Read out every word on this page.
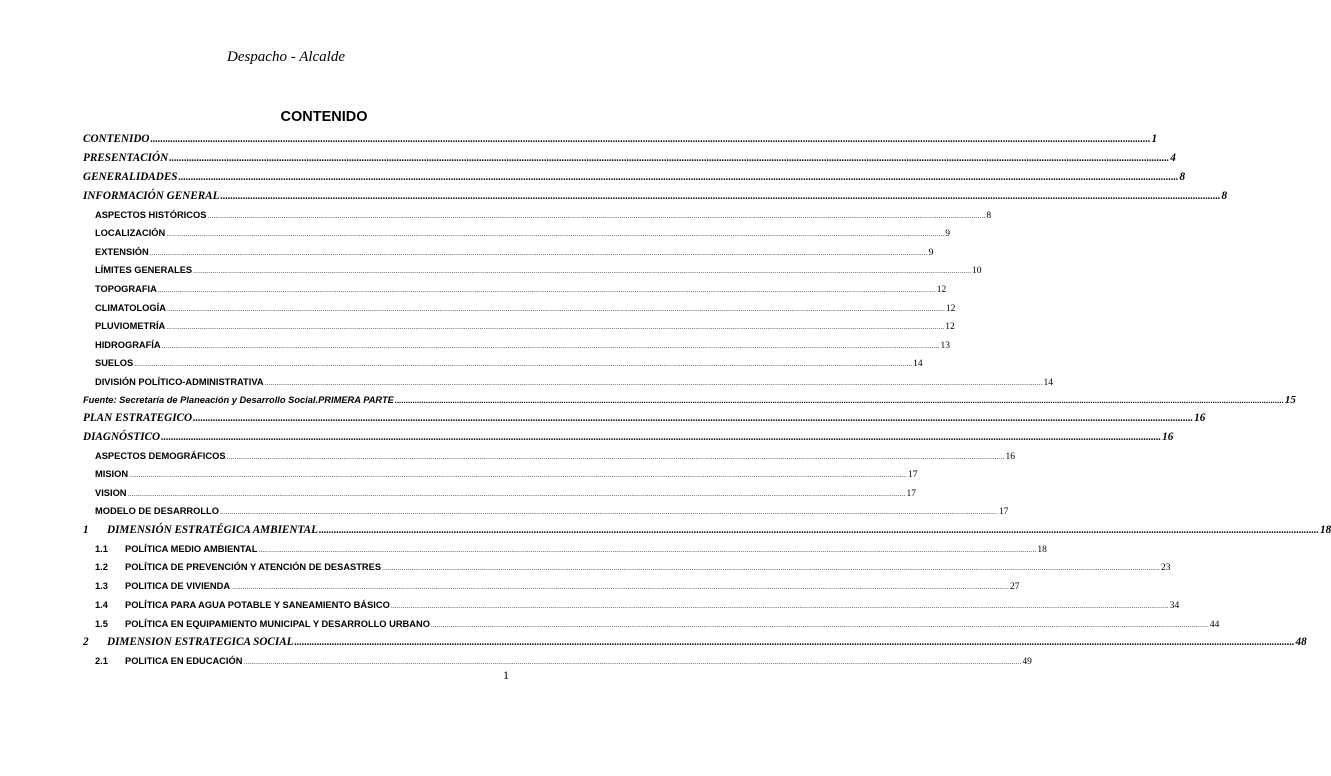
Despacho - Alcalde
CONTENIDO
CONTENIDO ................................................................................................................................................................................................................................................................................................................................................................................................................ 1
PRESENTACIÓN ................................................................................................................................................................................................................................................................................................................................................................................................................ 4
GENERALIDADES ................................................................................................................................................................................................................................................................................................................................................................................................................ 8
INFORMACIÓN GENERAL ................................................................................................................................................................................................................................................................................................................................................................................................................ 8
ASPECTOS HISTÓRICOS ................................................................................................................................................................................................................................................................................................................................................................................................................ 8
LOCALIZACIÓN ................................................................................................................................................................................................................................................................................................................................................................................................................ 9
EXTENSIÓN ................................................................................................................................................................................................................................................................................................................................................................................................................ 9
LÍMITES GENERALES ................................................................................................................................................................................................................................................................................................................................................................................................................ 10
TOPOGRAFIA ................................................................................................................................................................................................................................................................................................................................................................................................................ 12
CLIMATOLOGÍA ................................................................................................................................................................................................................................................................................................................................................................................................................ 12
PLUVIOMETRÍA ................................................................................................................................................................................................................................................................................................................................................................................................................ 12
HIDROGRAFÍA ................................................................................................................................................................................................................................................................................................................................................................................................................ 13
SUELOS ................................................................................................................................................................................................................................................................................................................................................................................................................ 14
DIVISIÓN POLÍTICO-ADMINISTRATIVA ................................................................................................................................................................................................................................................................................................................................................................................................................ 14
Fuente: Secretaría de Planeación y Desarrollo Social.PRIMERA PARTE ................................................................................................................................................................................................................................................................................................................................................................................................................ 15
PLAN ESTRATEGICO ................................................................................................................................................................................................................................................................................................................................................................................................................ 16
DIAGNÓSTICO ................................................................................................................................................................................................................................................................................................................................................................................................................ 16
ASPECTOS DEMOGRÁFICOS ................................................................................................................................................................................................................................................................................................................................................................................................................ 16
MISION ................................................................................................................................................................................................................................................................................................................................................................................................................ 17
VISION ................................................................................................................................................................................................................................................................................................................................................................................................................ 17
MODELO DE DESARROLLO ................................................................................................................................................................................................................................................................................................................................................................................................................ 17
1	DIMENSIÓN ESTRATÉGICA AMBIENTAL ................................................................................................................................................................................................................................................................................................................................................................................................................ 18
1.1	POLÍTICA MEDIO AMBIENTAL ................................................................................................................................................................................................................................................................................................................................................................................................................ 18
1.2	POLÍTICA DE PREVENCIÓN Y ATENCIÓN DE DESASTRES ................................................................................................................................................................................................................................................................................................................................................................................................................ 23
1.3	POLITICA DE VIVIENDA ................................................................................................................................................................................................................................................................................................................................................................................................................ 27
1.4	POLÍTICA PARA AGUA POTABLE Y SANEAMIENTO BÁSICO ................................................................................................................................................................................................................................................................................................................................................................................................................ 34
1.5	POLÍTICA EN EQUIPAMIENTO MUNICIPAL Y DESARROLLO URBANO ................................................................................................................................................................................................................................................................................................................................................................................................................ 44
2	DIMENSION ESTRATEGICA SOCIAL ................................................................................................................................................................................................................................................................................................................................................................................................................ 48
2.1	POLITICA EN EDUCACIÓN ................................................................................................................................................................................................................................................................................................................................................................................................................ 49
1
